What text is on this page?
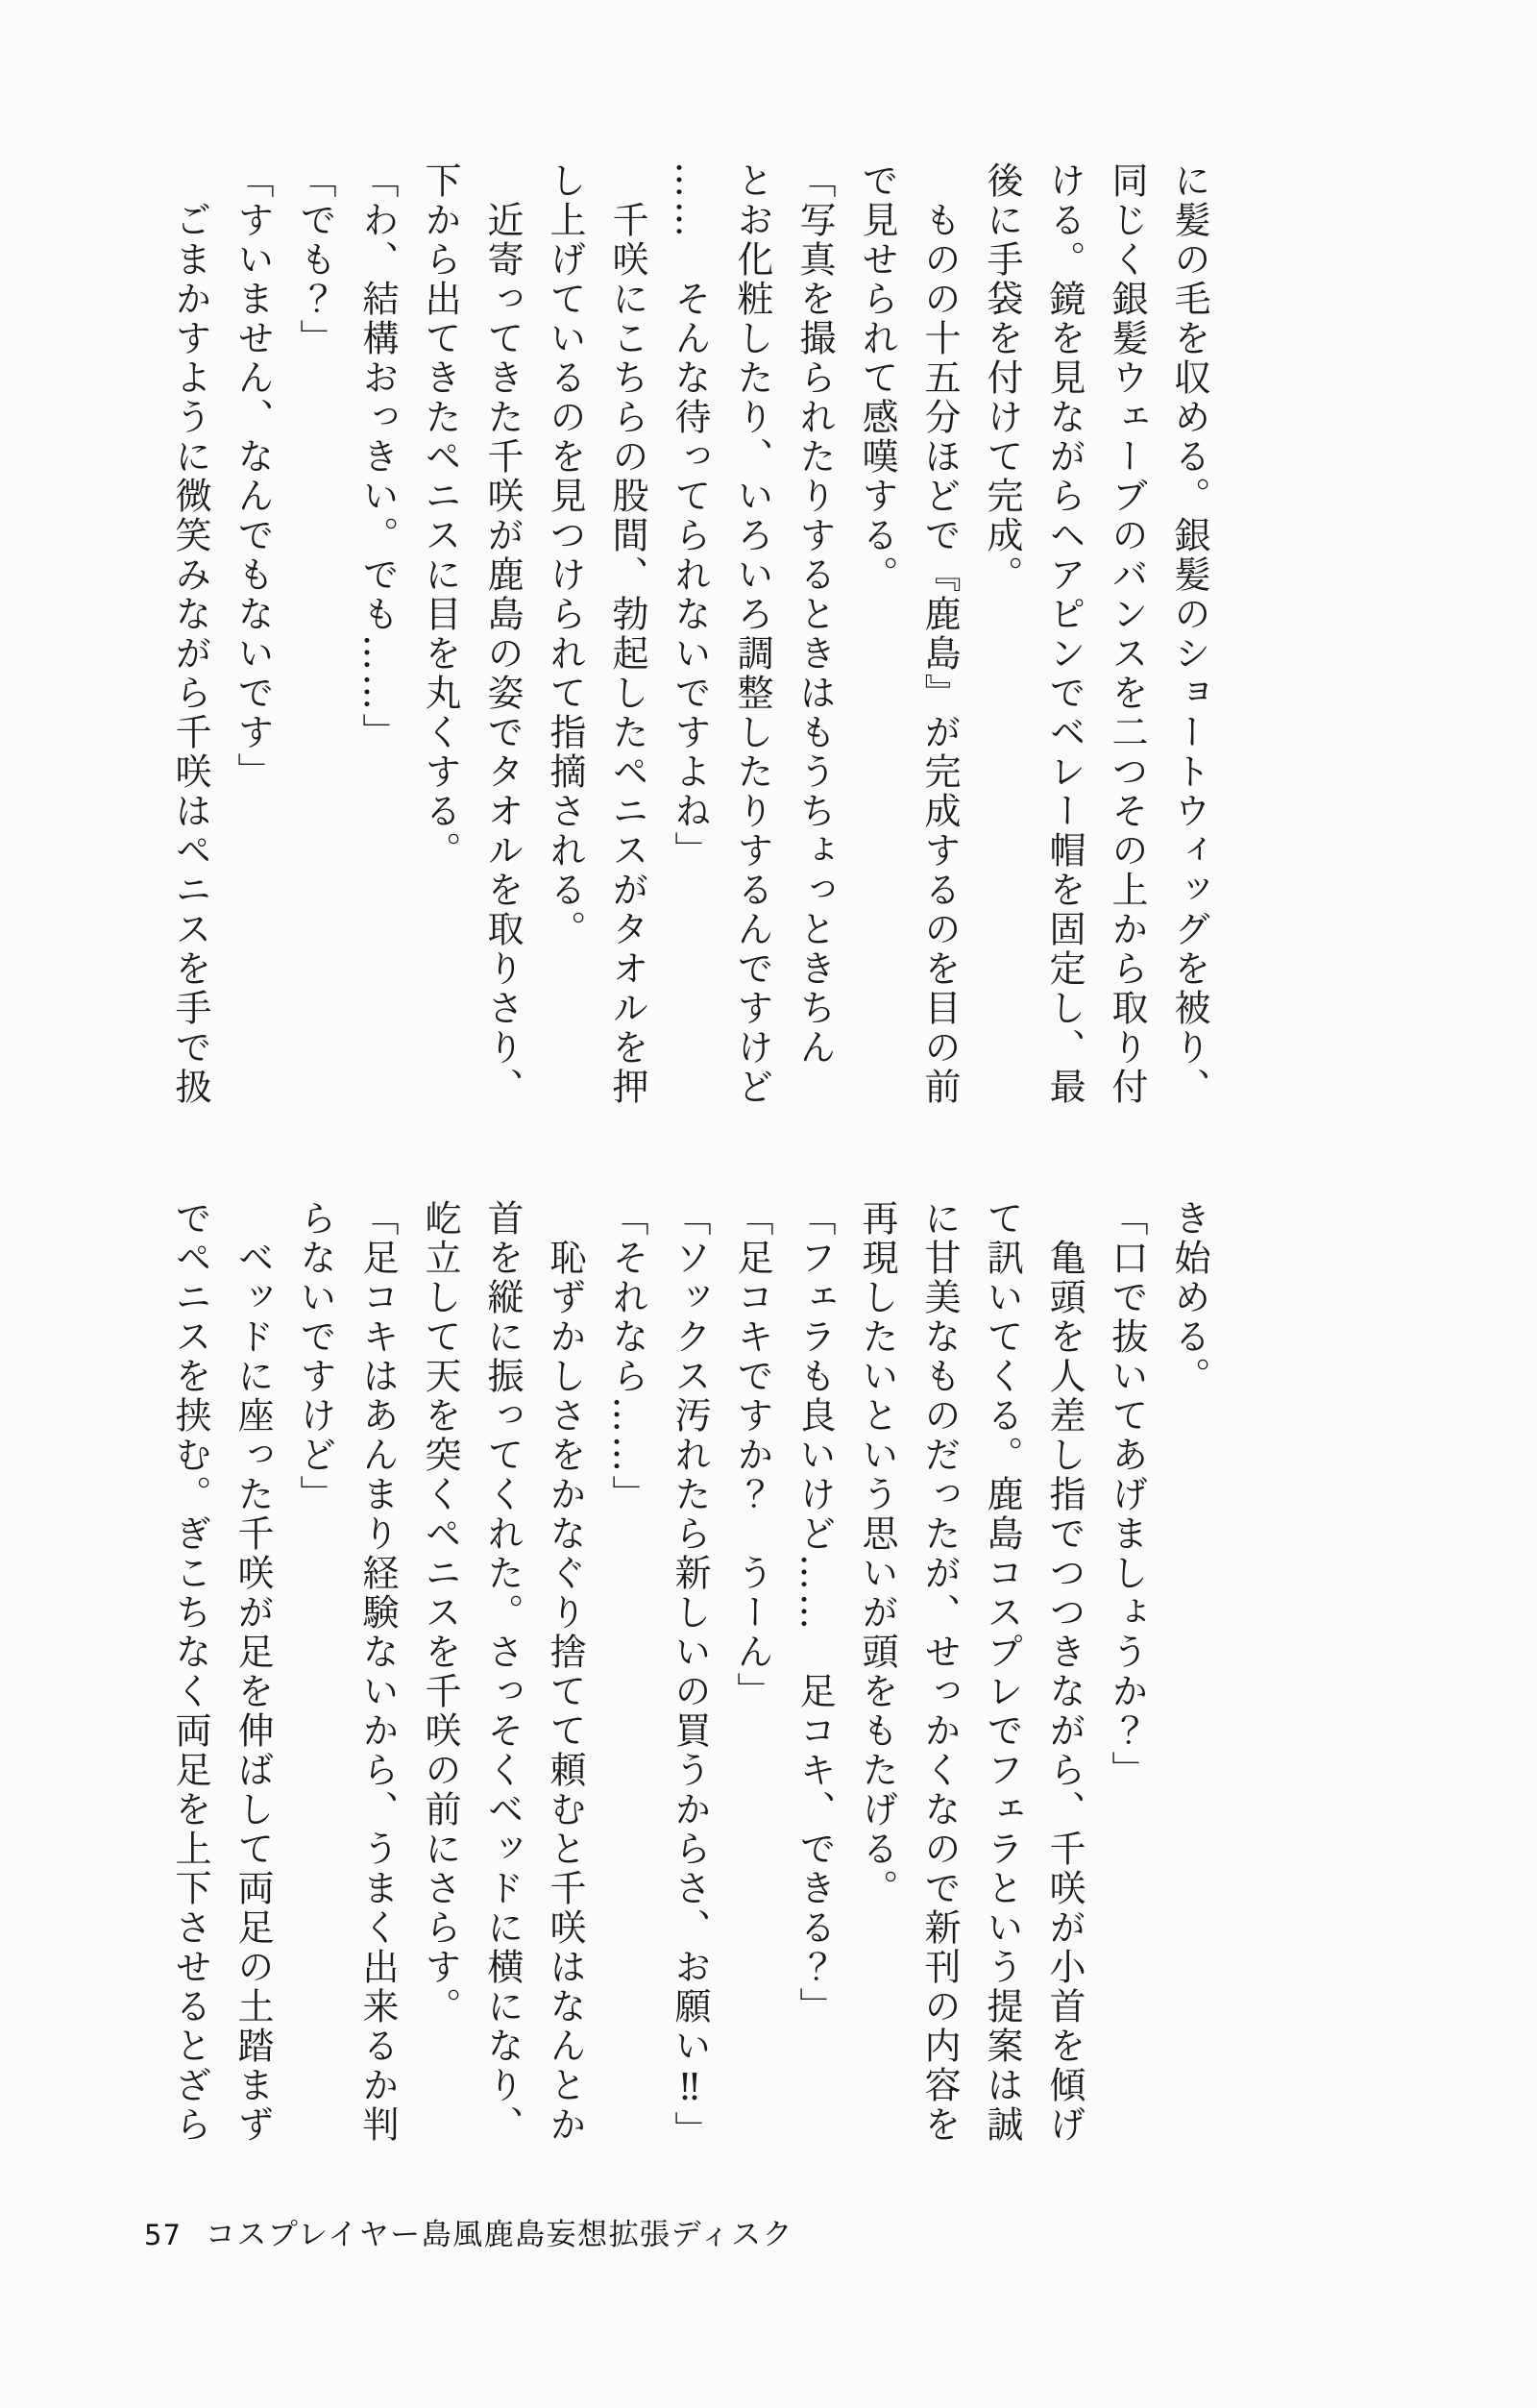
に髪の毛を収める。銀髪のショートウィッグを被り、
同じく銀髪ウェーブのバンスを二つその上から取り付
ける。鏡を見ながらヘアピンでベレー帽を固定し、最
後に手袋を付けて完成。
　ものの十五分ほどで『鹿島』が完成するのを目の前
で見せられて感嘆する。
「写真を撮られたりするときはもうちょっときちん
とお化粧したり、いろいろ調整したりするんですけど
……　そんな待ってられないですよね」
　千咲にこちらの股間、勃起したペニスがタオルを押
し上げているのを見つけられて指摘される。
　近寄ってきた千咲が鹿島の姿でタオルを取りさり、
下から出てきたペニスに目を丸くする。
「わ、結構おっきい。でも……」
「でも？」
「すいません、なんでもないです」
　ごまかすように微笑みながら千咲はペニスを手で扱
き始める。
「口で抜いてあげましょうか？」
　亀頭を人差し指でつつきながら、千咲が小首を傾げ
て訊いてくる。鹿島コスプレでフェラという提案は誠
に甘美なものだったが、せっかくなので新刊の内容を
再現したいという思いが頭をもたげる。
「フェラも良いけど……　足コキ、できる？」
「足コキですか？　うーん」
「ソックス汚れたら新しいの買うからさ、お願い‼」
「それなら……」
　恥ずかしさをかなぐり捨てて頼むと千咲はなんとか
首を縦に振ってくれた。さっそくベッドに横になり、
屹立して天を突くペニスを千咲の前にさらす。
「足コキはあんまり経験ないから、うまく出来るか判
らないですけど」
　ベッドに座った千咲が足を伸ばして両足の土踏まず
でペニスを挟む。ぎこちなく両足を上下させるとざら
57 コスプレイヤー島風鹿島妄想拡張ディスク
